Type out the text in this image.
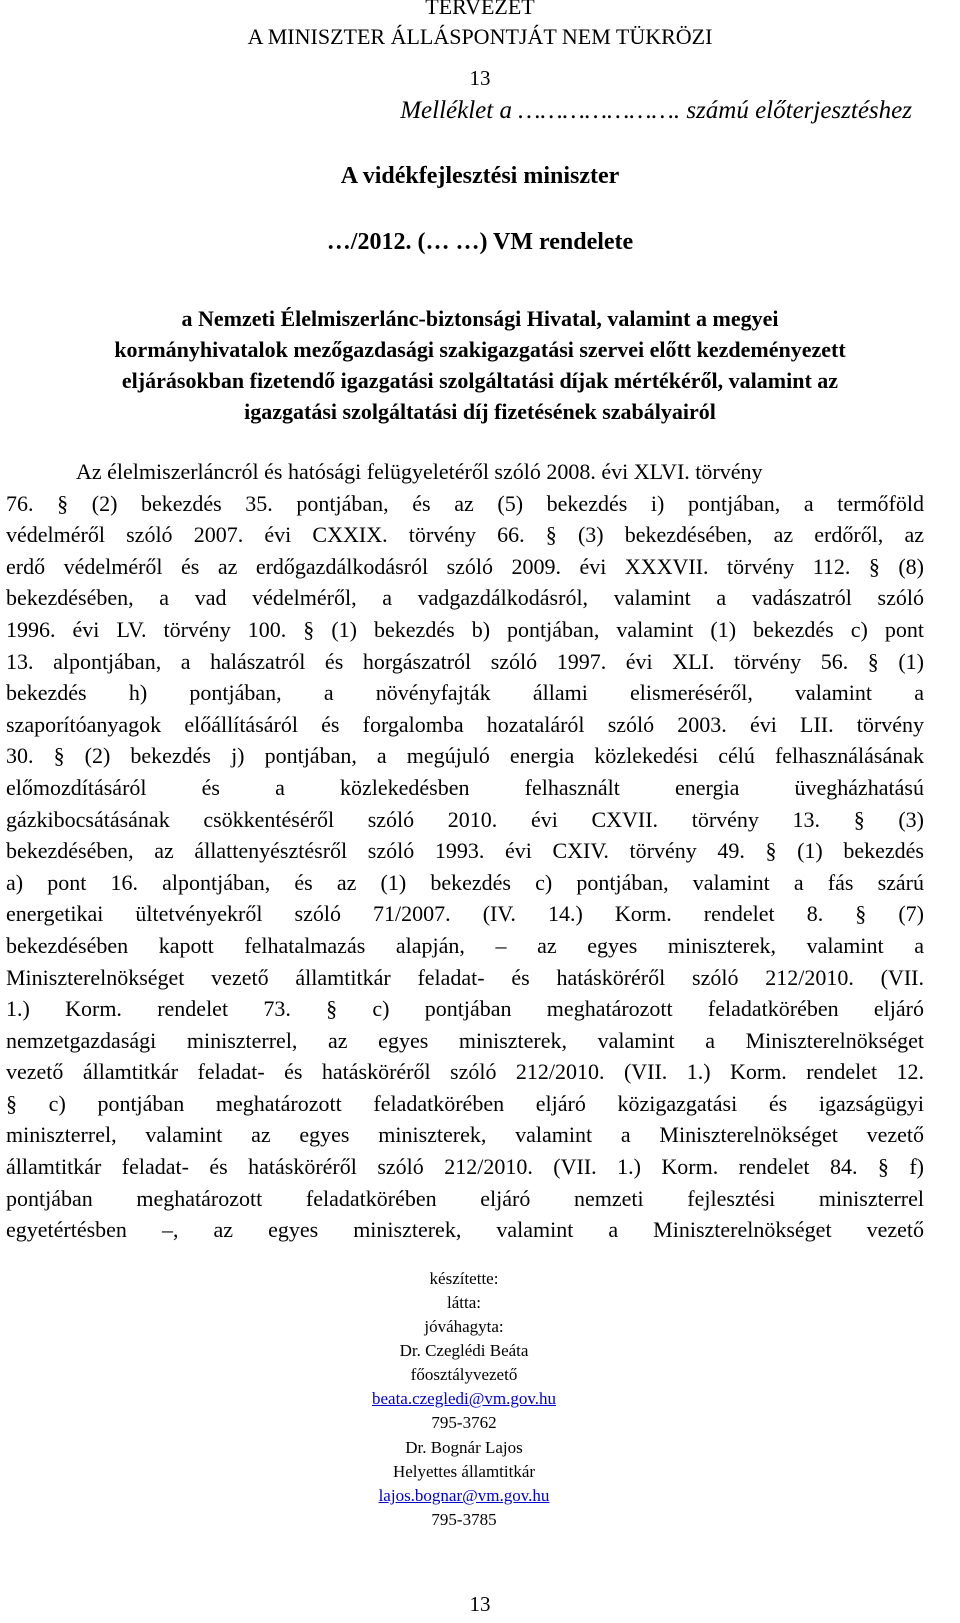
TERVEZET
A MINISZTER ÁLLÁSPONTJÁT NEM TÜKRÖZI
13
Melléklet a …………………. számú előterjesztéshez
A vidékfejlesztési miniszter
…/2012. (… …) VM rendelete
a Nemzeti Élelmiszerlánc-biztonsági Hivatal, valamint a megyei
kormányhivatalok mezőgazdasági szakigazgatási szervei előtt kezdeményezett
eljárásokban fizetendő igazgatási szolgáltatási díjak mértékéről, valamint az
igazgatási szolgáltatási díj fizetésének szabályairól
Az élelmiszerláncról és hatósági felügyeletéről szóló 2008. évi XLVI. törvény
76. § (2) bekezdés 35. pontjában, és az (5) bekezdés i) pontjában, a termőföld
védelméről szóló 2007. évi CXXIX. törvény 66. § (3) bekezdésében, az erdőről, az
erdő védelméről és az erdőgazdálkodásról szóló 2009. évi XXXVII. törvény 112. § (8)
bekezdésében, a vad védelméről, a vadgazdálkodásról, valamint a vadászatról szóló
1996. évi LV. törvény 100. § (1) bekezdés b) pontjában, valamint (1) bekezdés c) pont
13. alpontjában, a halászatról és horgászatról szóló 1997. évi XLI. törvény 56. § (1)
bekezdés h) pontjában, a növényfajták állami elismeréséről, valamint a
szaporítóanyagok előállításáról és forgalomba hozataláról szóló 2003. évi LII. törvény
30. § (2) bekezdés j) pontjában, a megújuló energia közlekedési célú felhasználásának
előmozdításáról és a közlekedésben felhasznált energia üvegházhatású
gázkibocsátásának csökkentéséről szóló 2010. évi CXVII. törvény 13. § (3)
bekezdésében, az állattenyésztésről szóló 1993. évi CXIV. törvény 49. § (1) bekezdés
a) pont 16. alpontjában, és az (1) bekezdés c) pontjában, valamint a fás szárú
energetikai ültetvényekről szóló 71/2007. (IV. 14.) Korm. rendelet 8. § (7)
bekezdésében kapott felhatalmazás alapján, – az egyes miniszterek, valamint a
Miniszterelnökséget vezető államtitkár feladat- és hatásköréről szóló 212/2010. (VII.
1.) Korm. rendelet 73. § c) pontjában meghatározott feladatkörében eljáró
nemzetgazdasági miniszterrel, az egyes miniszterek, valamint a Miniszterelnökséget
vezető államtitkár feladat- és hatásköréről szóló 212/2010. (VII. 1.) Korm. rendelet 12.
§ c) pontjában meghatározott feladatkörében eljáró közigazgatási és igazságügyi
miniszterrel, valamint az egyes miniszterek, valamint a Miniszterelnökséget vezető
államtitkár feladat- és hatásköréről szóló 212/2010. (VII. 1.) Korm. rendelet 84. § f)
pontjában meghatározott feladatkörében eljáró nemzeti fejlesztési miniszterrel
egyetértésben –, az egyes miniszterek, valamint a Miniszterelnökséget vezető
készítette:
látta:
jóváhagyta:
Dr. Czeglédi Beáta
főosztályvezető
beata.czegledi@vm.gov.hu
795-3762
Dr. Bognár Lajos
Helyettes államtitkár
lajos.bognar@vm.gov.hu
795-3785
13
